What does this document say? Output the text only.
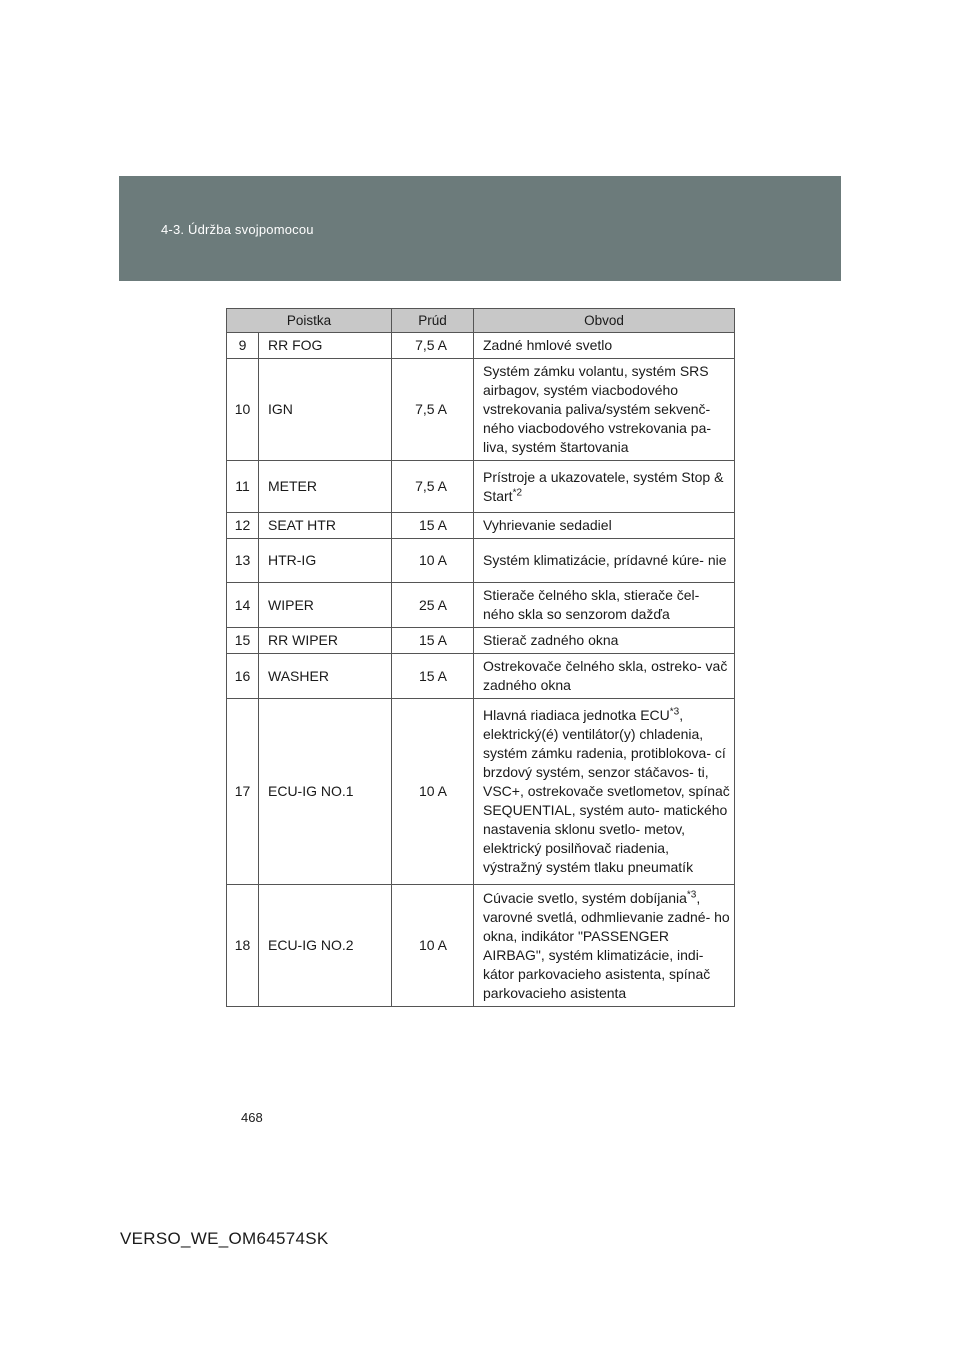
4-3. Údržba svojpomocou
Poistka		Prúd	Obvod
9	RR FOG	7,5 A	Zadné hmlové svetlo
10	IGN	7,5 A	Systém zámku volantu, systém SRS airbagov, systém viacbodového vstrekovania paliva/systém sekvenč- ného viacbodového vstrekovania pa- liva, systém štartovania
11	METER	7,5 A	Prístroje a ukazovatele, systém Stop & Start$^{*2}$
12	SEAT HTR	15 A	Vyhrievanie sedadiel
13	HTR-IG	10 A	Systém klimatizácie, prídavné kúre- nie
14	WIPER	25 A	Stierače čelného skla, stierače čel- ného skla so senzorom dažďa
15	RR WIPER	15 A	Stierač zadného okna
16	WASHER	15 A	Ostrekovače čelného skla, ostreko- vač zadného okna
17	ECU-IG NO.1	10 A	Hlavná riadiaca jednotka ECU$^{*3}$, elektrický(é) ventilátor(y) chladenia, systém zámku radenia, protiblokova- cí brzdový systém, senzor stáčavos- ti, VSC+, ostrekovače svetlometov, spínač SEQUENTIAL, systém auto- matického nastavenia sklonu svetlo- metov, elektrický posilňovač riadenia, výstražný systém tlaku pneumatík
18	ECU-IG NO.2	10 A	Cúvacie svetlo, systém dobíjania$^{*3}$, varovné svetlá, odhmlievanie zadné- ho okna, indikátor "PASSENGER AIRBAG", systém klimatizácie, indi- kátor parkovacieho asistenta, spínač parkovacieho asistenta
468
VERSO_WE_OM64574SK
